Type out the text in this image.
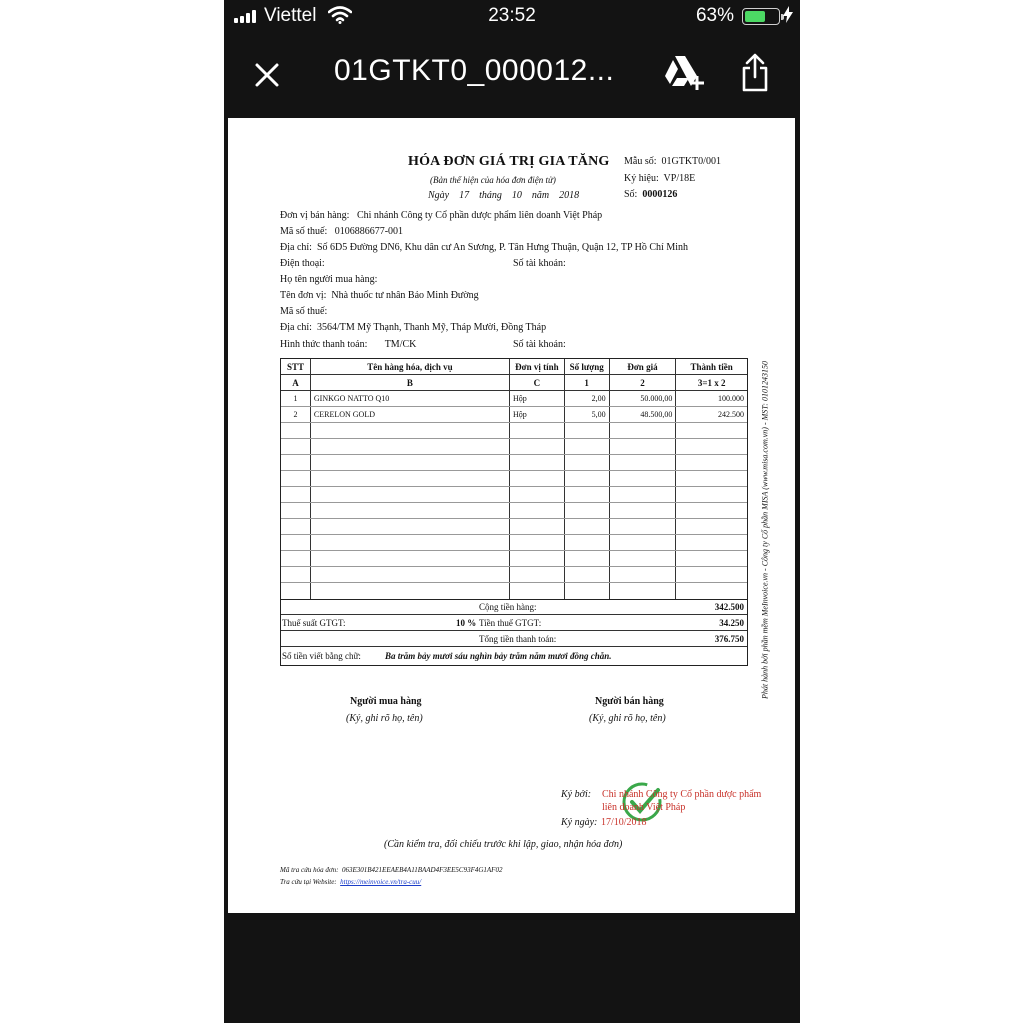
Viettel	23:52	63%
01GTKT0_000012...
HÓA ĐƠN GIÁ TRỊ GIA TĂNG
(Bản thể hiện của hóa đơn điện tử)
Ngày 17 tháng 10 năm 2018
Mẫu số: 01GTKT0/001
Ký hiệu: VP/18E
Số: 0000126
Đơn vị bán hàng: Chi nhánh Công ty Cổ phần dược phẩm liên doanh Việt Pháp
Mã số thuế: 0106886677-001
Địa chỉ: Số 6D5 Đường DN6, Khu dân cư An Sương, P. Tân Hưng Thuận, Quận 12, TP Hồ Chí Minh
Điện thoại:	Số tài khoản:
Họ tên người mua hàng:
Tên đơn vị: Nhà thuốc tư nhân Bảo Minh Đường
Mã số thuế:
Địa chỉ: 3564/TM Mỹ Thạnh, Thanh Mỹ, Tháp Mười, Đồng Tháp
Hình thức thanh toán: TM/CK	Số tài khoản:
Phát hành bởi phần mềm MeInvoice.vn - Công ty Cổ phần MISA (www.misa.com.vn) - MST: 0101243150
STT	Tên hàng hóa, dịch vụ	Đơn vị tính	Số lượng	Đơn giá	Thành tiền
A	B	C	1	2	3=1 x 2
1	GINKGO NATTO Q10	Hộp	2,00	50.000,00	100.000
2	CERELON GOLD	Hộp	5,00	48.500,00	242.500
Cộng tiền hàng:	342.500
Thuế suất GTGT:	10 % Tiền thuế GTGT:	34.250
Tổng tiền thanh toán:	376.750
Số tiền viết bằng chữ:	Ba trăm bảy mươi sáu nghìn bảy trăm năm mươi đồng chẵn.
Người mua hàng
(Ký, ghi rõ họ, tên)
Người bán hàng
(Ký, ghi rõ họ, tên)
Ký bởi: Chi nhánh Công ty Cổ phần dược phẩm
liên doanh Việt Pháp
Ký ngày: 17/10/2018
(Cần kiểm tra, đối chiếu trước khi lập, giao, nhận hóa đơn)
Mã tra cứu hóa đơn: 063E301B421EEAEB4A11BAAD4F3EE5C93F4G1AF02
Tra cứu tại Website: https://meinvoice.vn/tra-cuu/
